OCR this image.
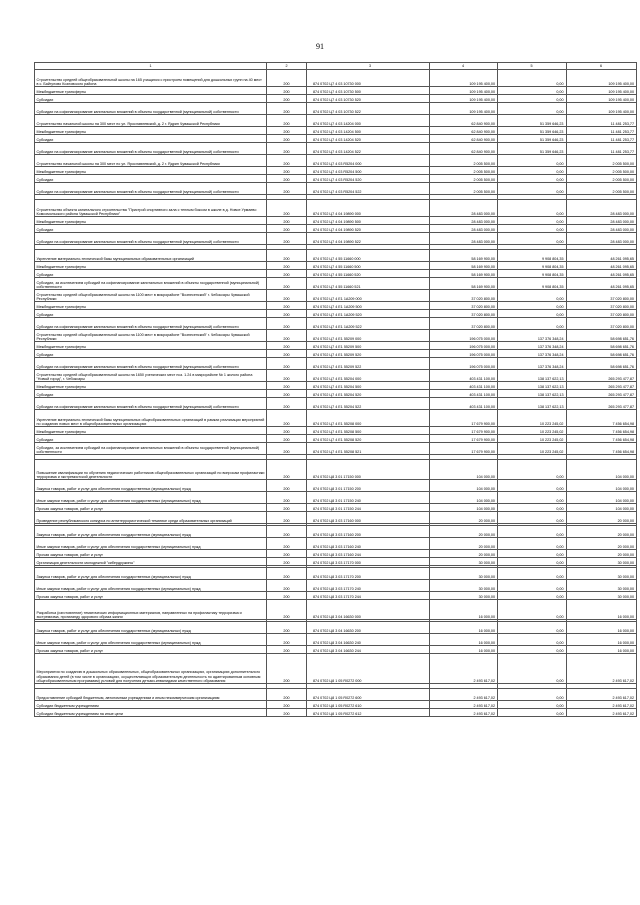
91
1	2	3	4	5	6
Строительство средней общеобразовательной школы на 165 учащихся с пристроем помещений для дошкольных групп на 40 мест в с. Байгулово Козловского района	200	874 0702 Ц7 4 03 10730 000	109 195 400,00	0,00	109 195 400,00
Межбюджетные трансферты	200	874 0702 Ц7 4 03 10730 500	109 195 400,00	0,00	109 195 400,00
Субсидии	200	874 0702 Ц7 4 03 10730 520	109 195 400,00	0,00	109 195 400,00
Субсидии на софинансирование капитальных вложений в объекты государственной (муниципальной) собственности	200	874 0702 Ц7 4 03 10730 522	109 195 400,00	0,00	109 195 400,00
Строительство начальной школы на 300 мест по ул. Ярославлевский, д. 2 г. Ядрин Чувашской Республики	200	874 0702 Ц7 4 03 14204 000	62 840 900,00	51 359 646,23	11 481 253,77
Межбюджетные трансферты	200	874 0702 Ц7 4 03 14204 500	62 840 900,00	51 359 646,23	11 481 253,77
Субсидии	200	874 0702 Ц7 4 03 14204 520	62 840 900,00	51 359 646,23	11 481 253,77
Субсидии на софинансирование капитальных вложений в объекты государственной (муниципальной) собственности	200	874 0702 Ц7 4 03 14204 522	62 840 900,00	51 359 646,23	11 481 253,77
Строительство начальной школы на 300 мест по ул. Ярославлевский, д. 2 г. Ядрин Чувашской Республики	200	874 0702 Ц7 4 03 R5204 000	2 005 500,00	0,00	2 005 500,00
Межбюджетные трансферты	200	874 0702 Ц7 4 03 R5204 500	2 005 500,00	0,00	2 005 500,00
Субсидии	200	874 0702 Ц7 4 03 R5204 520	2 005 500,00	0,00	2 005 500,00
Субсидии на софинансирование капитальных вложений в объекты государственной (муниципальной) собственности	200	874 0702 Ц7 4 03 R5204 522	2 005 500,00	0,00	2 005 500,00

Строительство объекта капитального строительства "Пристрой спортивного зала с теплым боксом в школе в д. Новое Урмаево Комсомольского района Чувашской Республики"	200	874 0702 Ц7 4 04 19890 000	28 483 000,00	0,00	28 483 000,00
Межбюджетные трансферты	200	874 0702 Ц7 4 04 19890 500	28 483 000,00	0,00	28 483 000,00
Субсидии	200	874 0702 Ц7 4 04 19890 520	28 483 000,00	0,00	28 483 000,00
Субсидии на софинансирование капитальных вложений в объекты государственной (муниципальной) собственности	200	874 0702 Ц7 4 04 19890 522	28 483 000,00	0,00	28 483 000,00

Укрепление материально-технической базы муниципальных образовательных организаций	200	874 0702 Ц7 4 55 11660 000	58 169 900,00	9 908 804,35	48 261 095,65
Межбюджетные трансферты	200	874 0702 Ц7 4 55 11660 500	58 169 900,00	9 908 804,35	48 261 095,65
Субсидии	200	874 0702 Ц7 4 55 11660 520	58 169 900,00	9 908 804,35	48 261 095,65
Субсидии, за исключением субсидий на софинансирование капитальных вложений в объекты государственной (муниципальной) собственности	200	874 0702 Ц7 4 55 11660 521	58 169 900,00	9 908 804,35	48 261 095,65
Строительство средней общеобразовательной школы на 1100 мест в микрорайоне "Вознесенский" г. Чебоксары Чувашской Республики	200	874 0702 Ц7 4 E1 1A209 000	37 020 800,00	0,00	37 020 800,00
Межбюджетные трансферты	200	874 0702 Ц7 4 E1 1A209 500	37 020 800,00	0,00	37 020 800,00
Субсидии	200	874 0702 Ц7 4 E1 1A209 520	37 020 800,00	0,00	37 020 800,00
Субсидии на софинансирование капитальных вложений в объекты государственной (муниципальной) собственности	200	874 0702 Ц7 4 E1 1A209 522	37 020 800,00	0,00	37 020 800,00
Строительство средней общеобразовательной школы на 1100 мест в микрорайоне "Вознесенский" г. Чебоксары Чувашской Республики	200	874 0702 Ц7 4 E1 55209 000	196 075 000,00	137 376 348,24	58 698 651,76
Межбюджетные трансферты	200	874 0702 Ц7 4 E1 55209 500	196 075 000,00	137 376 348,24	58 698 651,76
Субсидии	200	874 0702 Ц7 4 E1 55209 520	196 075 000,00	137 376 348,24	58 698 651,76
Субсидии на софинансирование капитальных вложений в объекты государственной (муниципальной) собственности	200	874 0702 Ц7 4 E1 55209 522	196 075 000,00	137 376 348,24	58 698 651,76
Строительство средней общеобразовательной школы на 1650 ученических мест поз. 1.24 в микрорайоне № 1 жилого района "Новый город", г. Чебоксары	200	874 0702 Ц7 4 E1 55204 000	403 431 100,00	138 137 622,13	265 293 477,87
Межбюджетные трансферты	200	874 0702 Ц7 4 E1 55204 500	403 431 100,00	138 137 622,13	265 293 477,87
Субсидии	200	874 0702 Ц7 4 E1 55204 520	403 431 100,00	138 137 622,13	265 293 477,87
Субсидии на софинансирование капитальных вложений в объекты государственной (муниципальной) собственности	200	874 0702 Ц7 4 E1 55204 522	403 431 100,00	138 137 622,13	265 293 477,87
Укрепление материально-технической базы муниципальных общеобразовательных организаций в рамках реализации мероприятий по созданию новых мест в общеобразовательных организациях	200	874 0702 Ц7 4 E1 55208 000	17 679 900,00	10 223 245,02	7 456 654,98
Межбюджетные трансферты	200	874 0702 Ц7 4 E1 55208 500	17 679 900,00	10 223 245,02	7 456 654,98
Субсидии	200	874 0702 Ц7 4 E1 55208 520	17 679 900,00	10 223 245,02	7 456 654,98
Субсидии, за исключением субсидий на софинансирование капитальных вложений в объекты государственной (муниципальной) собственности	200	874 0702 Ц7 4 E1 55208 521	17 679 900,00	10 223 245,02	7 456 654,98

Повышение квалификации по обучению педагогических работников общеобразовательных организаций по вопросам профилактики терроризма и экстремистской деятельности	200	874 0702 Ц8 3 01 17150 000	104 000,00	0,00	104 000,00
Закупка товаров, работ и услуг для обеспечения государственных (муниципальных) нужд	200	874 0702 Ц8 3 01 17150 200	104 000,00	0,00	104 000,00
Иные закупки товаров, работ и услуг для обеспечения государственных (муниципальных) нужд	200	874 0702 Ц8 3 01 17150 240	104 000,00	0,00	104 000,00
Прочая закупка товаров, работ и услуг	200	874 0702 Ц8 3 01 17150 244	104 000,00	0,00	104 000,00
Проведение республиканского конкурса по антитеррористической тематике среди образовательных организаций	200	874 0702 Ц8 3 03 17160 000	20 000,00	0,00	20 000,00

Закупка товаров, работ и услуг для обеспечения государственных (муниципальных) нужд	200	874 0702 Ц8 3 03 17160 200	20 000,00	0,00	20 000,00
Иные закупки товаров, работ и услуг для обеспечения государственных (муниципальных) нужд	200	874 0702 Ц8 3 03 17160 240	20 000,00	0,00	20 000,00
Прочая закупка товаров, работ и услуг	200	874 0702 Ц8 3 03 17160 244	20 000,00	0,00	20 000,00
Организация деятельности молодежной "кибердружины"	200	874 0702 Ц8 3 03 17170 000	30 000,00	0,00	30 000,00

Закупка товаров, работ и услуг для обеспечения государственных (муниципальных) нужд	200	874 0702 Ц8 3 03 17170 200	30 000,00	0,00	30 000,00
Иные закупки товаров, работ и услуг для обеспечения государственных (муниципальных) нужд	200	874 0702 Ц8 3 03 17170 240	30 000,00	0,00	30 000,00
Прочая закупка товаров, работ и услуг	200	874 0702 Ц8 3 03 17170 244	30 000,00	0,00	30 000,00
Разработка (изготовление) тематических информационных материалов, направленных на профилактику терроризма и экстремизма, пропаганду здорового образа жизни	200	874 0702 Ц8 3 04 16630 000	16 000,00	0,00	16 000,00

Закупка товаров, работ и услуг для обеспечения государственных (муниципальных) нужд	200	874 0702 Ц8 3 04 16630 200	16 000,00	0,00	16 000,00
Иные закупки товаров, работ и услуг для обеспечения государственных (муниципальных) нужд	200	874 0702 Ц8 3 04 16630 240	16 000,00	0,00	16 000,00
Прочая закупка товаров, работ и услуг	200	874 0702 Ц8 3 04 16630 244	16 000,00	0,00	16 000,00
Мероприятия по созданию в дошкольных образовательных, общеобразовательных организациях, организациях дополнительного образования детей (в том числе в организациях, осуществляющих образовательную деятельность по адаптированным основным общеобразовательным программам) условий для получения детьми-инвалидами качественного образования	200	874 0702 Ц8 1 05 R0272 000	2 493 617,02	0,00	2 493 617,02

Предоставление субсидий бюджетным, автономным учреждениям и иным некоммерческим организациям	200	874 0702 Ц8 1 05 R0272 600	2 493 617,02	0,00	2 493 617,02
Субсидии бюджетным учреждениям	200	874 0702 Ц8 1 05 R0272 610	2 493 617,02	0,00	2 493 617,02
Субсидии бюджетным учреждениям на иные цели	200	874 0702 Ц8 1 05 R0272 612	2 493 617,02	0,00	2 493 617,02
